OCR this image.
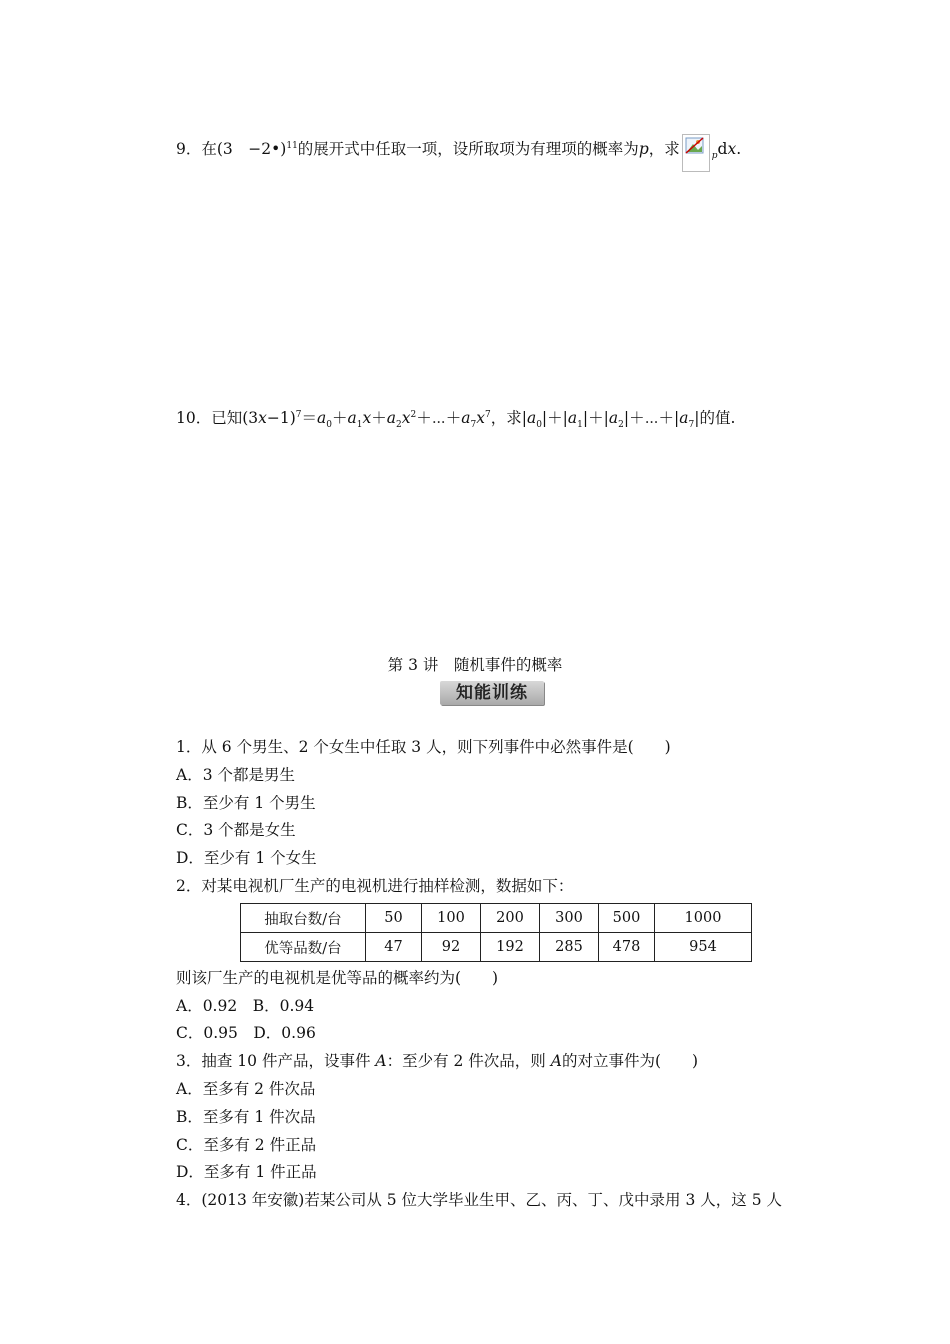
9．在(3　−2•)$^{11}$的展开式中任取一项，设所取项为有理项的概率为p，求	$_p$dx.
10．已知$(3x-1)^7=a_0+a_1x+a_2x^2+\cdots+a_7x^7$，求$|a_0|+|a_1|+|a_2|+\cdots+|a_7|$的值.
第 3 讲　随机事件的概率
知能训练
1．从 6 个男生、2 个女生中任取 3 人，则下列事件中必然事件是(　　)
A．3 个都是男生
B．至少有 1 个男生
C．3 个都是女生
D．至少有 1 个女生
2．对某电视机厂生产的电视机进行抽样检测，数据如下：
则该厂生产的电视机是优等品的概率约为(　　)
A．0.92　B．0.94
C．0.95　D．0.96
3．抽查 10 件产品，设事件 A：至少有 2 件次品，则 A的对立事件为(　　)
A．至多有 2 件次品
B．至多有 1 件次品
C．至多有 2 件正品
D．至多有 1 件正品
4．(2013 年安徽)若某公司从 5 位大学毕业生甲、乙、丙、丁、戊中录用 3 人，这 5 人
抽取台数/台	50	100	200	300	500	1000
优等品数/台	47	92	192	285	478	954
